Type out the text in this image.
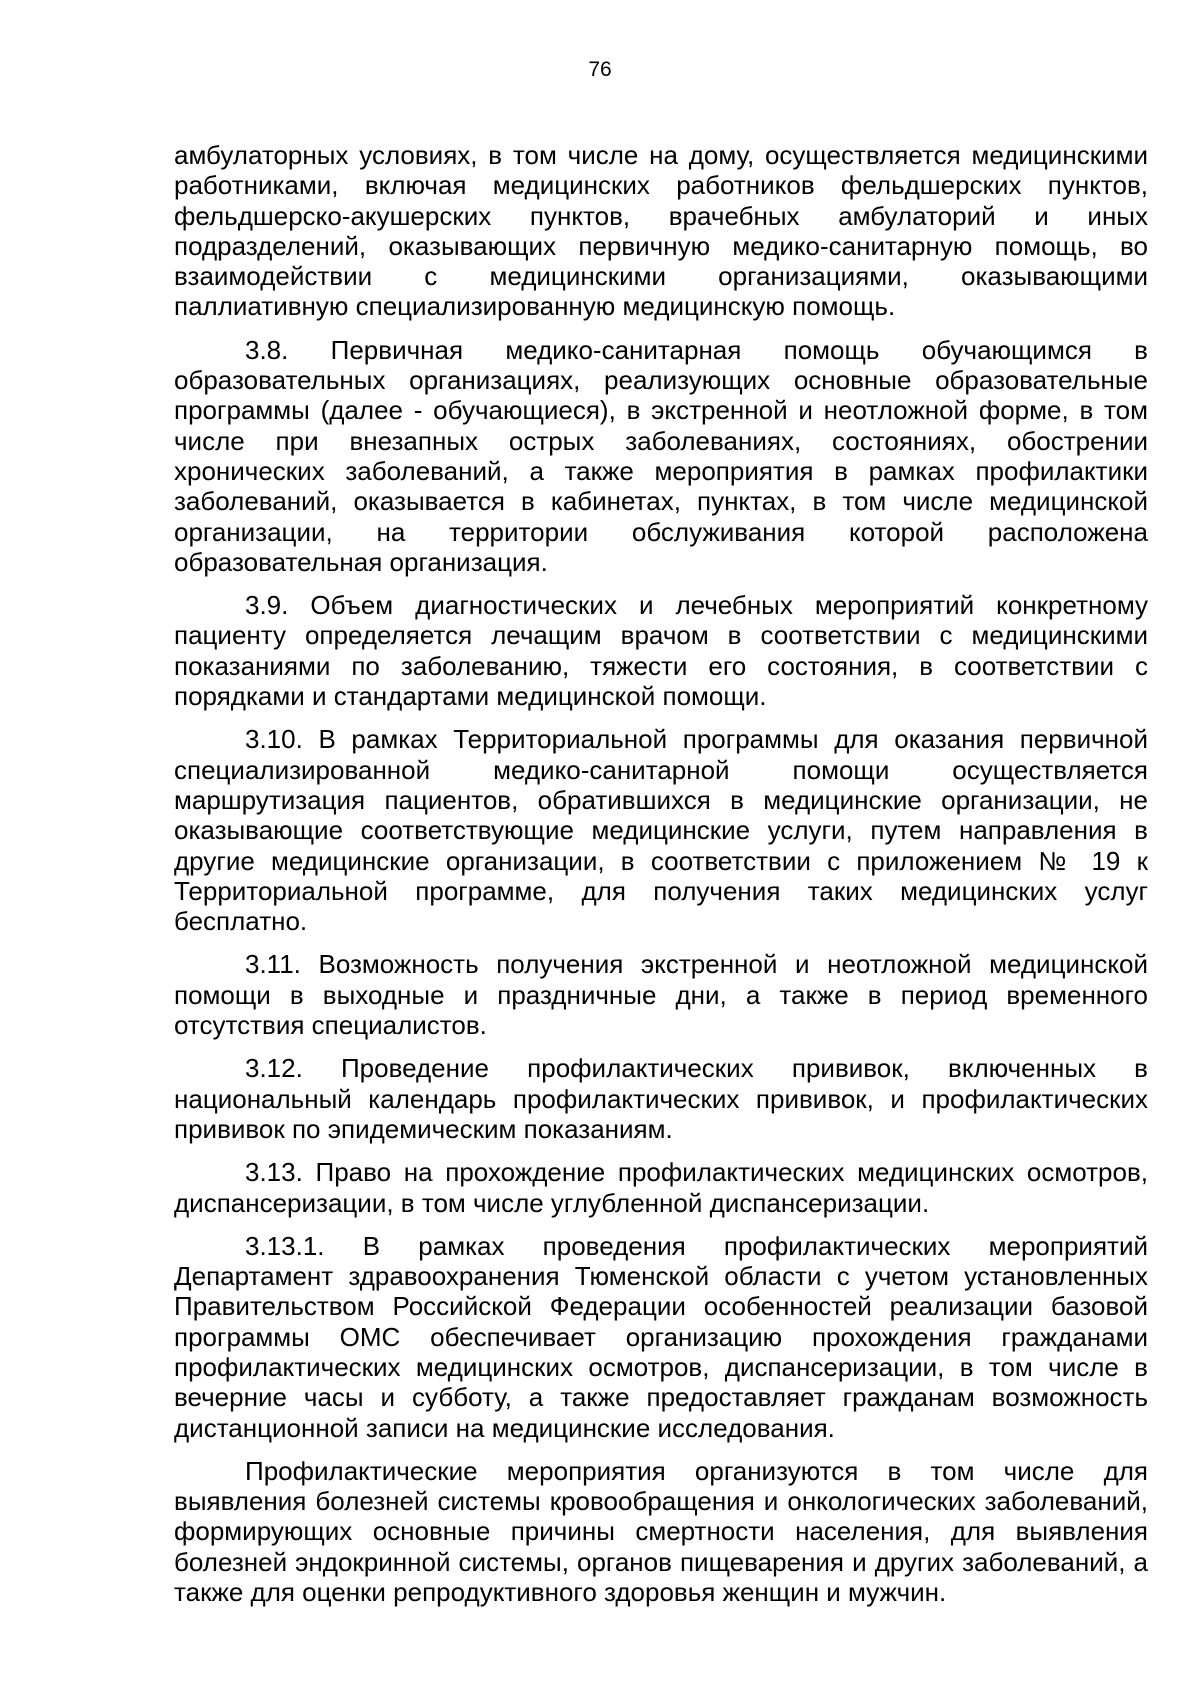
76

амбулаторных условиях, в том числе на дому, осуществляется медицинскими работниками, включая медицинских работников фельдшерских пунктов, фельдшерско-акушерских пунктов, врачебных амбулаторий и иных подразделений, оказывающих первичную медико-санитарную помощь, во взаимодействии с медицинскими организациями, оказывающими паллиативную специализированную медицинскую помощь.

3.8. Первичная медико-санитарная помощь обучающимся в образовательных организациях, реализующих основные образовательные программы (далее - обучающиеся), в экстренной и неотложной форме, в том числе при внезапных острых заболеваниях, состояниях, обострении хронических заболеваний, а также мероприятия в рамках профилактики заболеваний, оказывается в кабинетах, пунктах, в том числе медицинской организации, на территории обслуживания которой расположена образовательная организация.

3.9. Объем диагностических и лечебных мероприятий конкретному пациенту определяется лечащим врачом в соответствии с медицинскими показаниями по заболеванию, тяжести его состояния, в соответствии с порядками и стандартами медицинской помощи.

3.10. В рамках Территориальной программы для оказания первичной специализированной медико-санитарной помощи осуществляется маршрутизация пациентов, обратившихся в медицинские организации, не оказывающие соответствующие медицинские услуги, путем направления в другие медицинские организации, в соответствии с приложением № 19 к Территориальной программе, для получения таких медицинских услуг бесплатно.

3.11. Возможность получения экстренной и неотложной медицинской помощи в выходные и праздничные дни, а также в период временного отсутствия специалистов.

3.12. Проведение профилактических прививок, включенных в национальный календарь профилактических прививок, и профилактических прививок по эпидемическим показаниям.

3.13. Право на прохождение профилактических медицинских осмотров, диспансеризации, в том числе углубленной диспансеризации.

3.13.1. В рамках проведения профилактических мероприятий Департамент здравоохранения Тюменской области с учетом установленных Правительством Российской Федерации особенностей реализации базовой программы ОМС обеспечивает организацию прохождения гражданами профилактических медицинских осмотров, диспансеризации, в том числе в вечерние часы и субботу, а также предоставляет гражданам возможность дистанционной записи на медицинские исследования.

Профилактические мероприятия организуются в том числе для выявления болезней системы кровообращения и онкологических заболеваний, формирующих основные причины смертности населения, для выявления болезней эндокринной системы, органов пищеварения и других заболеваний, а также для оценки репродуктивного здоровья женщин и мужчин.
